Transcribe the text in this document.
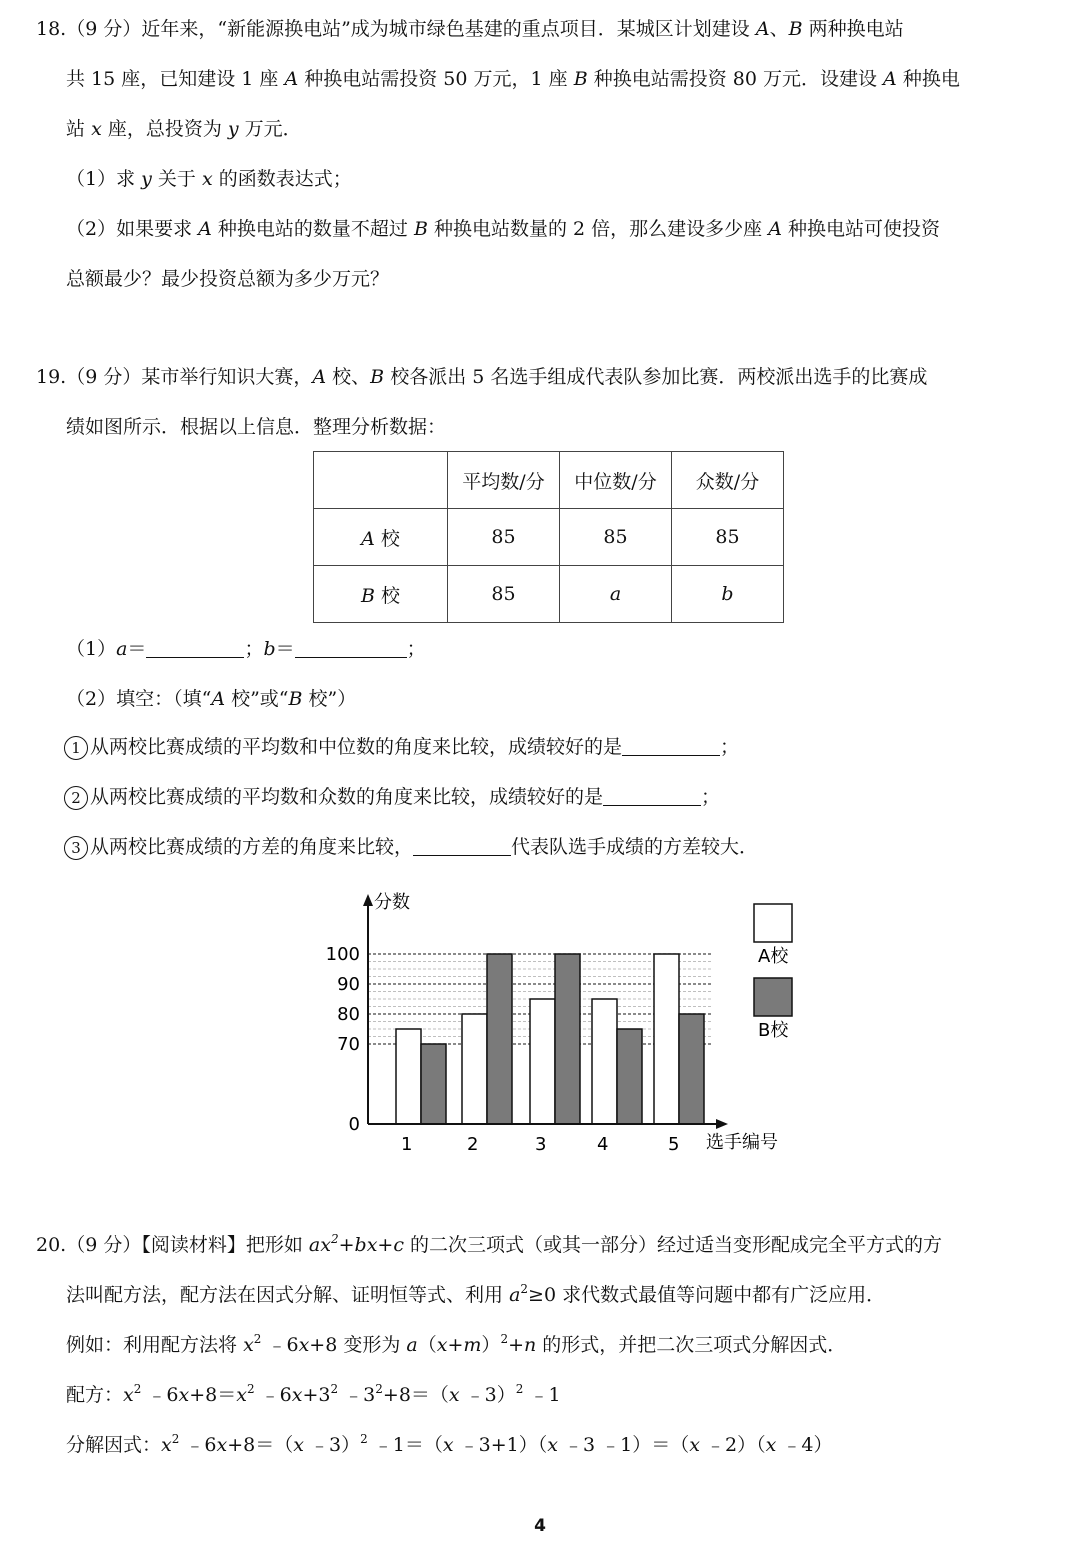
18.（9 分）近年来，“新能源换电站”成为城市绿色基建的重点项目．某城区计划建设 A、B 两种换电站
共 15 座，已知建设 1 座 A 种换电站需投资 50 万元，1 座 B 种换电站需投资 80 万元．设建设 A 种换电
站 x 座，总投资为 y 万元．
（1）求 y 关于 x 的函数表达式；
（2）如果要求 A 种换电站的数量不超过 B 种换电站数量的 2 倍，那么建设多少座 A 种换电站可使投资
总额最少？最少投资总额为多少万元？
19.（9 分）某市举行知识大赛，A 校、B 校各派出 5 名选手组成代表队参加比赛．两校派出选手的比赛成
绩如图所示．根据以上信息．整理分析数据：
	平均数/分	中位数/分	众数/分
A 校	85	85	85
B 校	85	a	b
（1）a＝	；b＝	；
（2）填空：（填“A 校”或“B 校”）
1 从两校比赛成绩的平均数和中位数的角度来比较，成绩较好的是	；
2 从两校比赛成绩的平均数和众数的角度来比较，成绩较好的是	；
3 从两校比赛成绩的方差的角度来比较，	代表队选手成绩的方差较大．
分数
选手编号
0
70
80
90
100
1	2	3	4	5
A校
B校
20.（9 分）【阅读材料】把形如 $ax^2+bx+c$ 的二次三项式（或其一部分）经过适当变形配成完全平方式的方
法叫配方法，配方法在因式分解、证明恒等式、利用 $a^2\ge 0$ 求代数式最值等问题中都有广泛应用．
例如：利用配方法将 $x^2$ ﹣6x+8 变形为 $a(x+m)^2+n$ 的形式，并把二次三项式分解因式．
配方：$x^2$ $﹣6x+8=x^2$ $﹣6x+3^2$ $﹣3^2+8=(x$ ﹣3）$^2$ ﹣1
分解因式：$x^2$ ﹣6x+8＝（x ﹣3）$^2$ ﹣1＝（x ﹣3+1）（x ﹣3 ﹣1）＝（x ﹣2）（x ﹣4）
4
